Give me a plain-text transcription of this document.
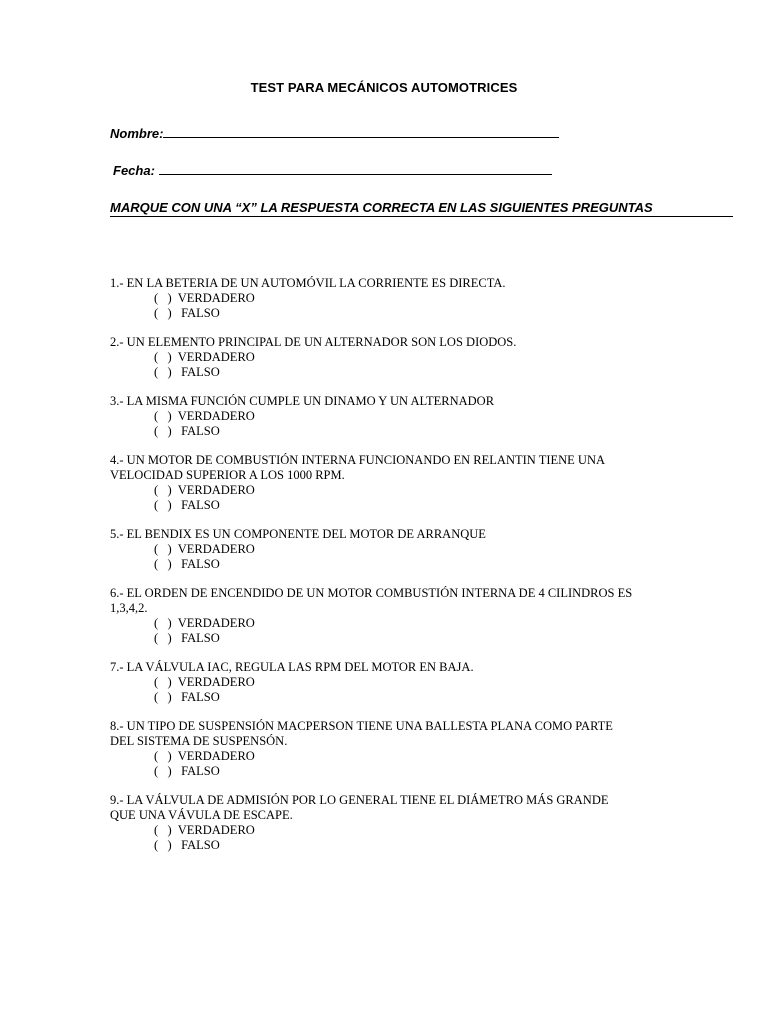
TEST PARA MECÁNICOS AUTOMOTRICES
Nombre:
Fecha:
MARQUE CON UNA “X” LA RESPUESTA CORRECTA EN LAS SIGUIENTES PREGUNTAS
1.- EN LA BETERIA DE UN AUTOMÓVIL LA CORRIENTE ES DIRECTA.
(   )  VERDADERO
(   )   FALSO
2.- UN ELEMENTO PRINCIPAL DE UN ALTERNADOR SON LOS DIODOS.
(   )  VERDADERO
(   )   FALSO
3.- LA MISMA FUNCIÓN CUMPLE UN DINAMO Y UN ALTERNADOR
(   )  VERDADERO
(   )   FALSO
4.- UN MOTOR DE COMBUSTIÓN INTERNA FUNCIONANDO EN RELANTIN TIENE UNA
VELOCIDAD SUPERIOR A LOS 1000 RPM.
(   )  VERDADERO
(   )   FALSO
5.- EL BENDIX ES UN COMPONENTE DEL MOTOR DE ARRANQUE
(   )  VERDADERO
(   )   FALSO
6.- EL ORDEN DE ENCENDIDO DE UN MOTOR COMBUSTIÓN INTERNA DE 4 CILINDROS ES
1,3,4,2.
(   )  VERDADERO
(   )   FALSO
7.- LA VÁLVULA IAC, REGULA LAS RPM DEL MOTOR EN BAJA.
(   )  VERDADERO
(   )   FALSO
8.- UN TIPO DE SUSPENSIÓN MACPERSON TIENE UNA BALLESTA PLANA COMO PARTE
DEL SISTEMA DE SUSPENSÓN.
(   )  VERDADERO
(   )   FALSO
9.- LA VÁLVULA DE ADMISIÓN POR LO GENERAL TIENE EL DIÁMETRO MÁS GRANDE
QUE UNA VÁVULA DE ESCAPE.
(   )  VERDADERO
(   )   FALSO
